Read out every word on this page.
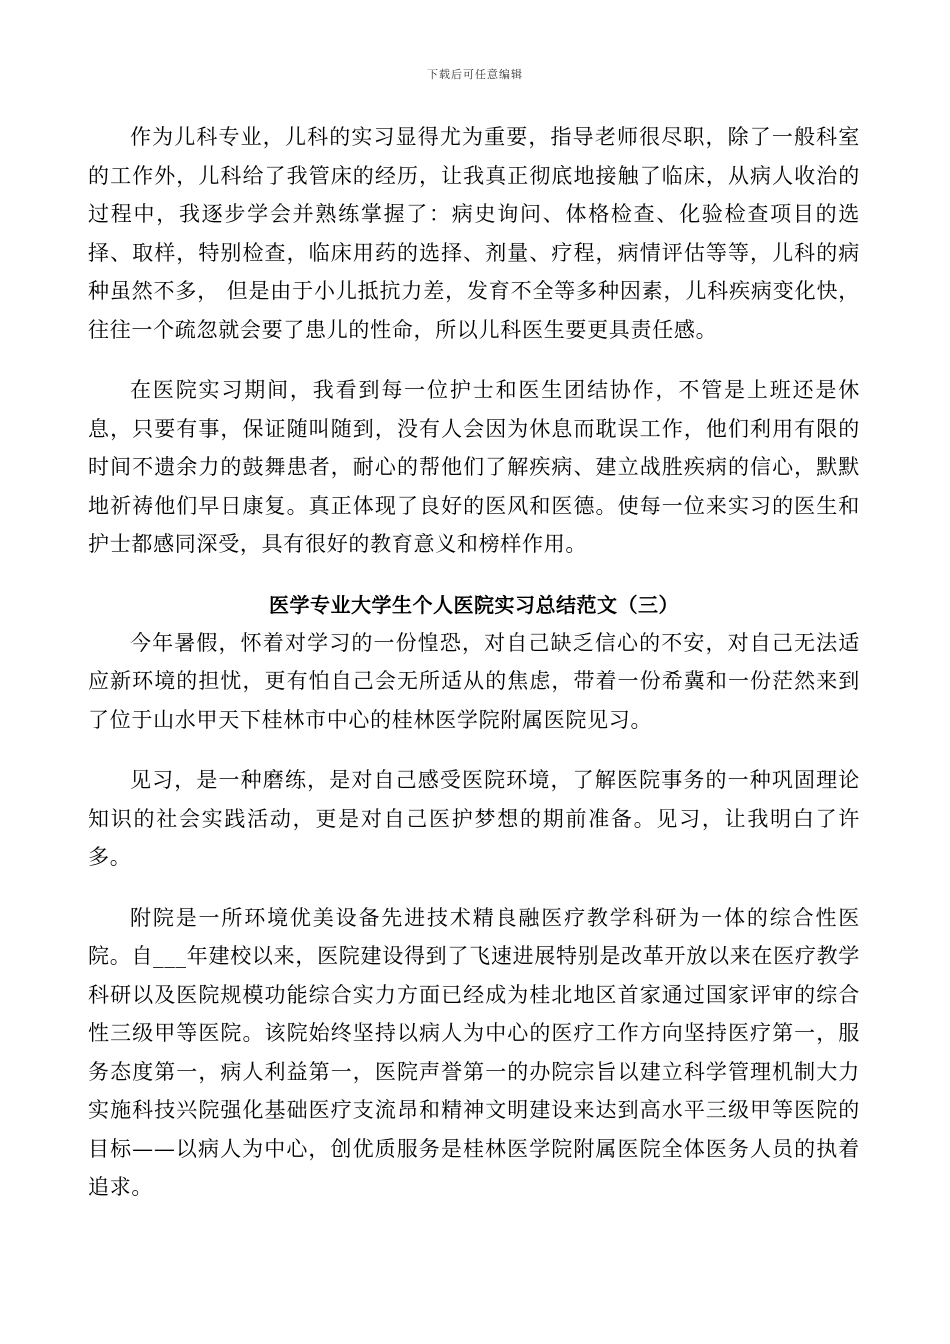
下载后可任意编辑

作为儿科专业，儿科的实习显得尤为重要，指导老师很尽职，除了一般科室的工作外，儿科给了我管床的经历，让我真正彻底地接触了临床，从病人收治的过程中，我逐步学会并熟练掌握了：病史询问、体格检查、化验检查项目的选择、取样，特别检查，临床用药的选择、剂量、疗程，病情评估等等，儿科的病种虽然不多， 但是由于小儿抵抗力差，发育不全等多种因素，儿科疾病变化快，往往一个疏忽就会要了患儿的性命，所以儿科医生要更具责任感。

在医院实习期间，我看到每一位护士和医生团结协作，不管是上班还是休息，只要有事，保证随叫随到，没有人会因为休息而耽误工作，他们利用有限的时间不遗余力的鼓舞患者，耐心的帮他们了解疾病、建立战胜疾病的信心，默默地祈祷他们早日康复。真正体现了良好的医风和医德。使每一位来实习的医生和护士都感同深受，具有很好的教育意义和榜样作用。

医学专业大学生个人医院实习总结范文（三）

今年暑假，怀着对学习的一份惶恐，对自己缺乏信心的不安，对自己无法适应新环境的担忧，更有怕自己会无所适从的焦虑，带着一份希冀和一份茫然来到了位于山水甲天下桂林市中心的桂林医学院附属医院见习。

见习，是一种磨练，是对自己感受医院环境，了解医院事务的一种巩固理论知识的社会实践活动，更是对自己医护梦想的期前准备。见习，让我明白了许多。

附院是一所环境优美设备先进技术精良融医疗教学科研为一体的综合性医院。自___年建校以来，医院建设得到了飞速进展特别是改革开放以来在医疗教学科研以及医院规模功能综合实力方面已经成为桂北地区首家通过国家评审的综合性三级甲等医院。该院始终坚持以病人为中心的医疗工作方向坚持医疗第一，服务态度第一，病人利益第一，医院声誉第一的办院宗旨以建立科学管理机制大力实施科技兴院强化基础医疗支流昂和精神文明建设来达到高水平三级甲等医院的目标——以病人为中心，创优质服务是桂林医学院附属医院全体医务人员的执着追求。
